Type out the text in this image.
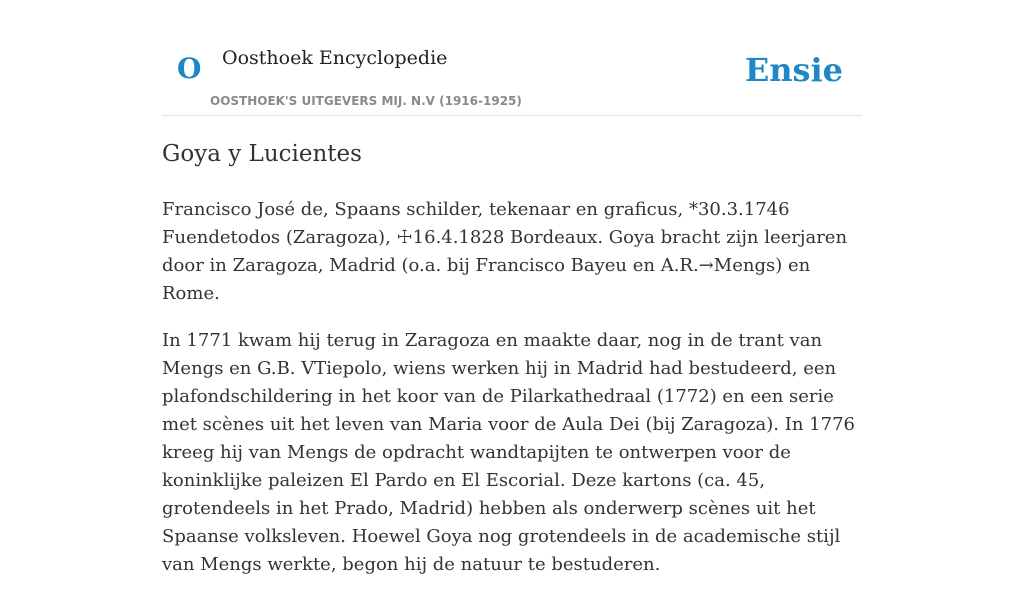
O Oosthoek Encyclopedie
OOSTHOEK'S UITGEVERS MIJ. N.V (1916-1925)
Ensie
Goya y Lucientes

Francisco José de, Spaans schilder, tekenaar en graficus, *30.3.1746 Fuendetodos (Zaragoza), ☩16.4.1828 Bordeaux. Goya bracht zijn leerjaren door in Zaragoza, Madrid (o.a. bij Francisco Bayeu en A.R.→Mengs) en Rome.

In 1771 kwam hij terug in Zaragoza en maakte daar, nog in de trant van Mengs en G.B. VTiepolo, wiens werken hij in Madrid had bestudeerd, een plafondschildering in het koor van de Pilarkathedraal (1772) en een serie met scènes uit het leven van Maria voor de Aula Dei (bij Zaragoza). In 1776 kreeg hij van Mengs de opdracht wandtapijten te ontwerpen voor de koninklijke paleizen El Pardo en El Escorial. Deze kartons (ca. 45, grotendeels in het Prado, Madrid) hebben als onderwerp scènes uit het Spaanse volksleven. Hoewel Goya nog grotendeels in de academische stijl van Mengs werkte, begon hij de natuur te bestuderen.
